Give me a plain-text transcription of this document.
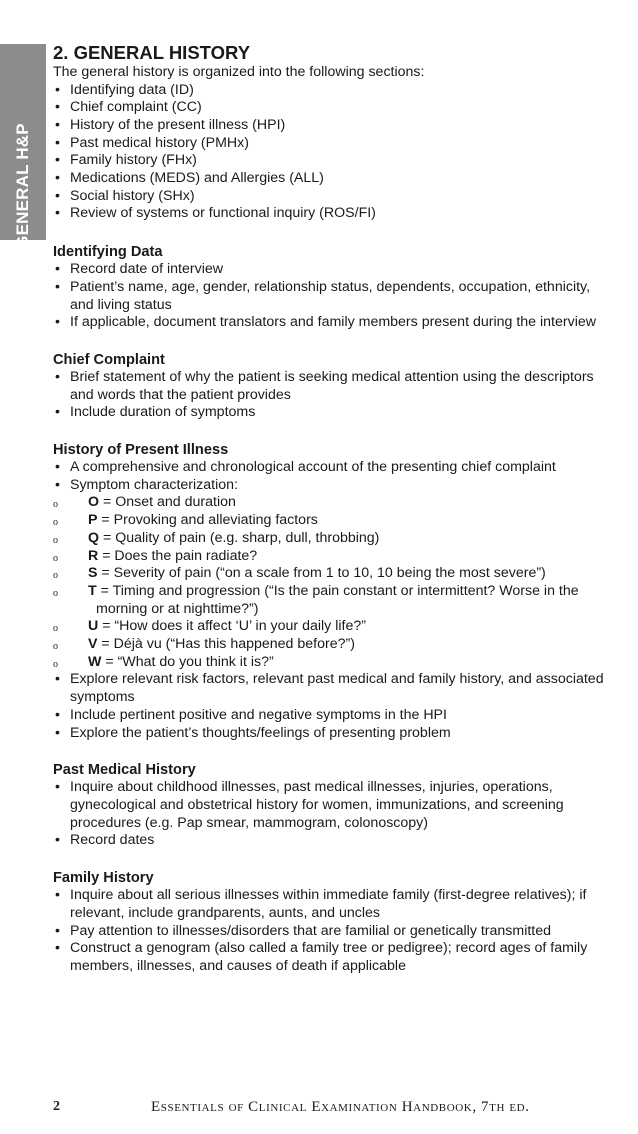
GENERAL H&P
2. GENERAL HISTORY
The general history is organized into the following sections:
• Identifying data (ID)
• Chief complaint (CC)
• History of the present illness (HPI)
• Past medical history (PMHx)
• Family history (FHx)
• Medications (MEDS) and Allergies (ALL)
• Social history (SHx)
• Review of systems or functional inquiry (ROS/FI)
Identifying Data
• Record date of interview
• Patient’s name, age, gender, relationship status, dependents, occupation, ethnicity, and living status
• If applicable, document translators and family members present during the interview
Chief Complaint
• Brief statement of why the patient is seeking medical attention using the descriptors and words that the patient provides
• Include duration of symptoms
History of Present Illness
• A comprehensive and chronological account of the presenting chief complaint
• Symptom characterization:
o O = Onset and duration
o P = Provoking and alleviating factors
o Q = Quality of pain (e.g. sharp, dull, throbbing)
o R = Does the pain radiate?
o S = Severity of pain (“on a scale from 1 to 10, 10 being the most severe”)
o T = Timing and progression (“Is the pain constant or intermittent? Worse in the morning or at nighttime?”)
o U = “How does it affect ‘U’ in your daily life?”
o V = Déjà vu (“Has this happened before?”)
o W = “What do you think it is?”
• Explore relevant risk factors, relevant past medical and family history, and associated symptoms
• Include pertinent positive and negative symptoms in the HPI
• Explore the patient’s thoughts/feelings of presenting problem
Past Medical History
• Inquire about childhood illnesses, past medical illnesses, injuries, operations, gynecological and obstetrical history for women, immunizations, and screening procedures (e.g. Pap smear, mammogram, colonoscopy)
• Record dates
Family History
• Inquire about all serious illnesses within immediate family (first-degree relatives); if relevant, include grandparents, aunts, and uncles
• Pay attention to illnesses/disorders that are familial or genetically transmitted
• Construct a genogram (also called a family tree or pedigree); record ages of family members, illnesses, and causes of death if applicable
2	Essentials of Clinical Examination Handbook, 7th ed.
